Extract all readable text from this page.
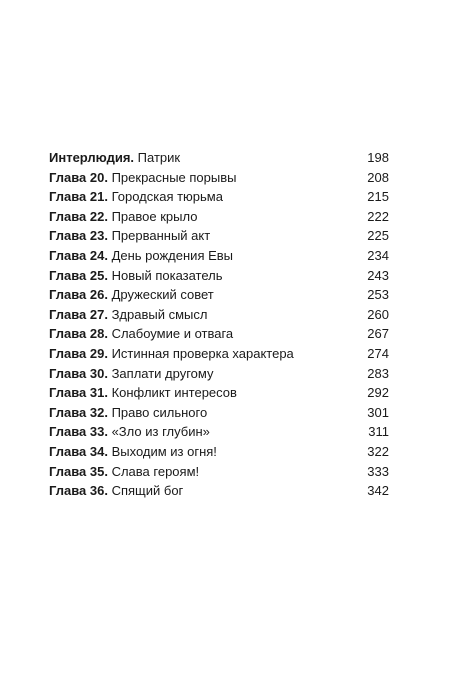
Интерлюдия. Патрик	198
Глава 20. Прекрасные порывы	208
Глава 21. Городская тюрьма	215
Глава 22. Правое крыло	222
Глава 23. Прерванный акт	225
Глава 24. День рождения Евы	234
Глава 25. Новый показатель	243
Глава 26. Дружеский совет	253
Глава 27. Здравый смысл	260
Глава 28. Слабоумие и отвага	267
Глава 29. Истинная проверка характера	274
Глава 30. Заплати другому	283
Глава 31. Конфликт интересов	292
Глава 32. Право сильного	301
Глава 33. «Зло из глубин»	311
Глава 34. Выходим из огня!	322
Глава 35. Слава героям!	333
Глава 36. Спящий бог	342
